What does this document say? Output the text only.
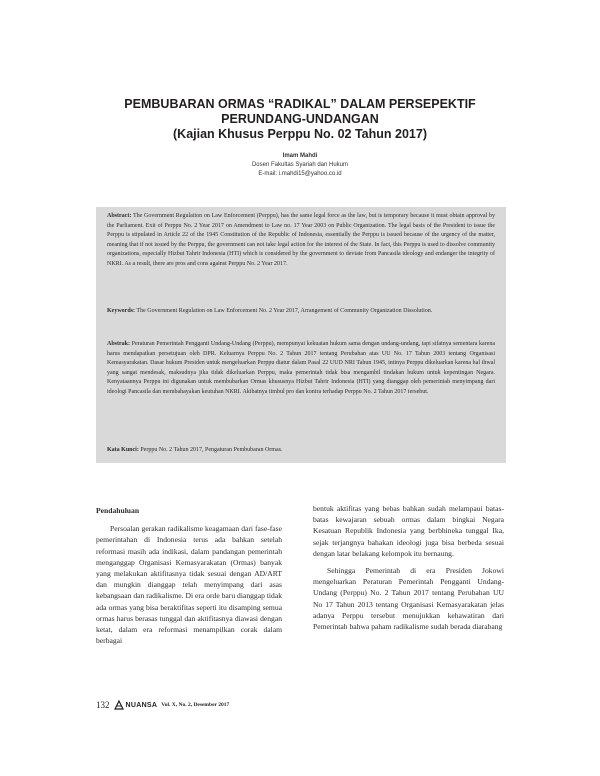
PEMBUBARAN ORMAS “RADIKAL” DALAM PERSEPEKTIF
PERUNDANG-UNDANGAN
(Kajian Khusus Perppu No. 02 Tahun 2017)
Imam Mahdi
Dosen Fakultas Syariah dan Hukum
E-mail: i.mahdi15@yahoo.co.id

Abstract: The Government Regulation on Law Enforcement (Perppu), has the same legal force as the law, but is temporary because it must obtain approval by the Parliament. Exit of Perppu No. 2 Year 2017 on Amendment to Law no. 17 Year 2003 on Public Organization. The legal basis of the President to issue the Perppu is stipulated in Article 22 of the 1945 Constitution of the Republic of Indonesia, essentially the Perppu is issued because of the urgency of the matter, meaning that if not issued by the Perppu, the government can not take legal action for the interest of the State. In fact, this Perppu is used to dissolve community organizations, especially Hizbut Tahrir Indonesia (HTI) which is considered by the government to deviate from Pancasila ideology and endanger the integrity of NKRI. As a result, there are pros and cons against Perppu No. 2 Year 2017.

Keywords: The Government Regulation on Law Enforcement No. 2 Year 2017, Arrangement of Community Organization Dissolution.

Abstrak: Peraturan Pemerintah Pengganti Undang-Undang (Perppu), mempunyai kekuatan hukum sama dengan undang-undang, tapi sifatnya sementara karena harus mendapatkan persetujuan oleh DPR. Keluarnya Perppu No. 2 Tahun 2017 tentang Perubahan atas UU No. 17 Tahun 2003 tentang Organisasi Kemasyarakatan. Dasar hukum Presiden untuk mengeluarkan Perppu diatur dalam Pasal 22 UUD NRI Tahun 1945, intinya Perppu dikeluarkan karena hal ihwal yang sangat mendesak, maksudnya jika tidak dikeluarkan Perppu, maka pemerintah tidak bisa mengambil tindakan hukum untuk kepentingan Negara. Kenyataannya Perppu ini digunakan untuk membubarkan Ormas khususnya Hizbut Tahrir Indonesia (HTI) yang dianggap oleh pemerintah menyimpang dari ideologi Pancasila dan membahayakan keutuhan NKRI. Akibatnya timbul pro dan kontra terhadap Perppu No. 2 Tahun 2017 tersebut.

Kata Kunci: Perppu No. 2 Tahun 2017, Pengaturan Pembubaran Ormas.

Pendahuluan
Persoalan gerakan radikalisme keagamaan dari fase-fase pemerintahan di Indonesia terus ada bahkan setelah reformasi masih ada indikasi, dalam pandangan pemerintah menganggap Organisasi Kemasyarakatan (Ormas) banyak yang melakukan aktifitasnya tidak sesuai dengan AD/ART dan mungkin dianggap telah menyimpang dari asas kebangsaan dan radikalisme. Di era orde baru dianggap tidak ada ormas yang bisa beraktifitas seperti itu disamping semua ormas harus berasas tunggal dan aktifitasnya diawasi dengan ketat, dalam era reformasi menampilkan corak dalam berbagai
bentuk aktifitas yang bebas bahkan sudah melampaui batas-batas kewajaran sebuah ormas dalam bingkai Negara Kesatuan Republik Indonesia yang berbhineka tunggal Ika, sejak terjangnya bahakan ideologi juga bisa berbeda sesuai dengan latar belakang kelompok itu bernaung.
Sehingga Pemerintah di era Presiden Jokowi mengeluarkan Peraturan Pemerintah Pengganti Undang-Undang (Perppu) No. 2 Tahun 2017 tentang Perubahan UU No 17 Tahun 2013 tentang Organisasi Kemasyarakatan jelas adanya Perppu tersebut menujukkan kehawatiran dari Pemerintah bahwa paham radikalisme sudah berada diarabang
132 NUANSA Vol. X, No. 2, Desember 2017
